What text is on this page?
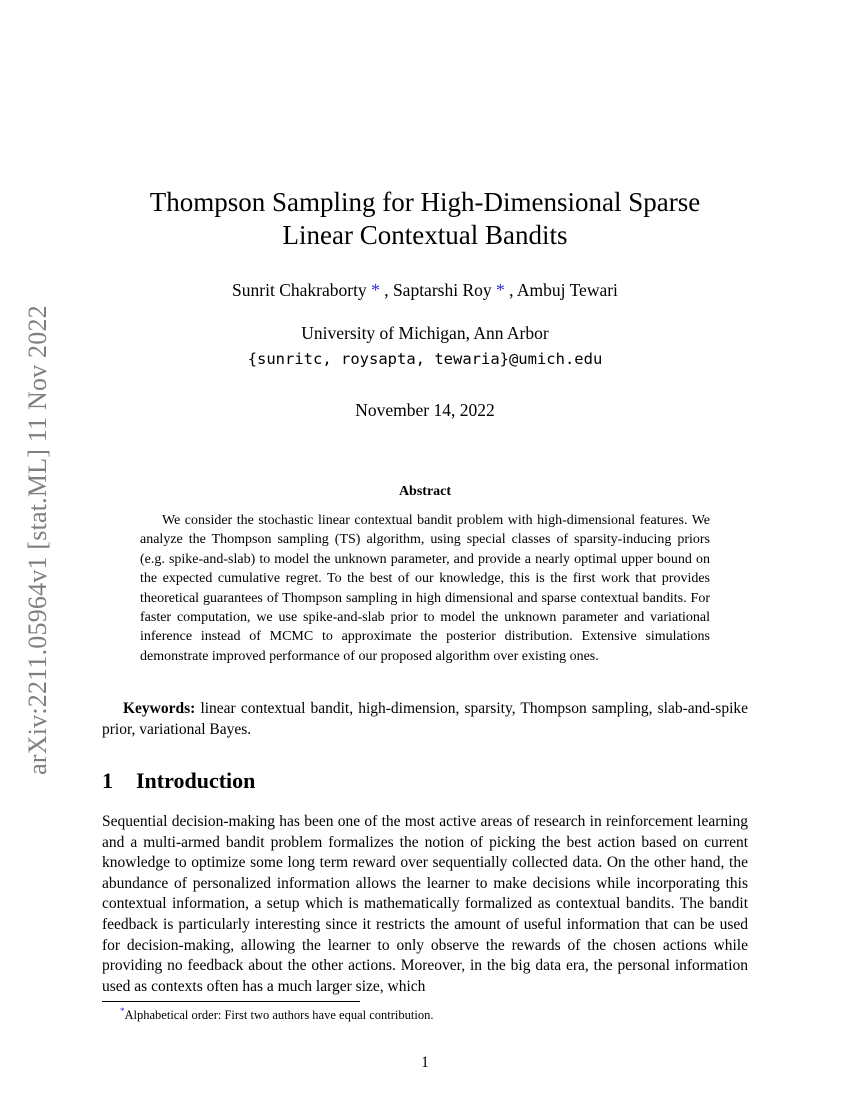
arXiv:2211.05964v1 [stat.ML] 11 Nov 2022
Thompson Sampling for High-Dimensional Sparse
Linear Contextual Bandits
Sunrit Chakraborty * , Saptarshi Roy * , Ambuj Tewari
University of Michigan, Ann Arbor
{sunritc, roysapta, tewaria}@umich.edu
November 14, 2022
Abstract

We consider the stochastic linear contextual bandit problem with high-dimensional features. We analyze the Thompson sampling (TS) algorithm, using special classes of sparsity-inducing priors (e.g. spike-and-slab) to model the unknown parameter, and provide a nearly optimal upper bound on the expected cumulative regret. To the best of our knowledge, this is the first work that provides theoretical guarantees of Thompson sampling in high dimensional and sparse contextual bandits. For faster computation, we use spike-and-slab prior to model the unknown parameter and variational inference instead of MCMC to approximate the posterior distribution. Extensive simulations demonstrate improved performance of our proposed algorithm over existing ones.

Keywords: linear contextual bandit, high-dimension, sparsity, Thompson sampling, slab-and-spike prior, variational Bayes.

1 Introduction

Sequential decision-making has been one of the most active areas of research in reinforcement learning and a multi-armed bandit problem formalizes the notion of picking the best action based on current knowledge to optimize some long term reward over sequentially collected data. On the other hand, the abundance of personalized information allows the learner to make decisions while incorporating this contextual information, a setup which is mathematically formalized as contextual bandits. The bandit feedback is particularly interesting since it restricts the amount of useful information that can be used for decision-making, allowing the learner to only observe the rewards of the chosen actions while providing no feedback about the other actions. Moreover, in the big data era, the personal information used as contexts often has a much larger size, which

*Alphabetical order: First two authors have equal contribution.
1
